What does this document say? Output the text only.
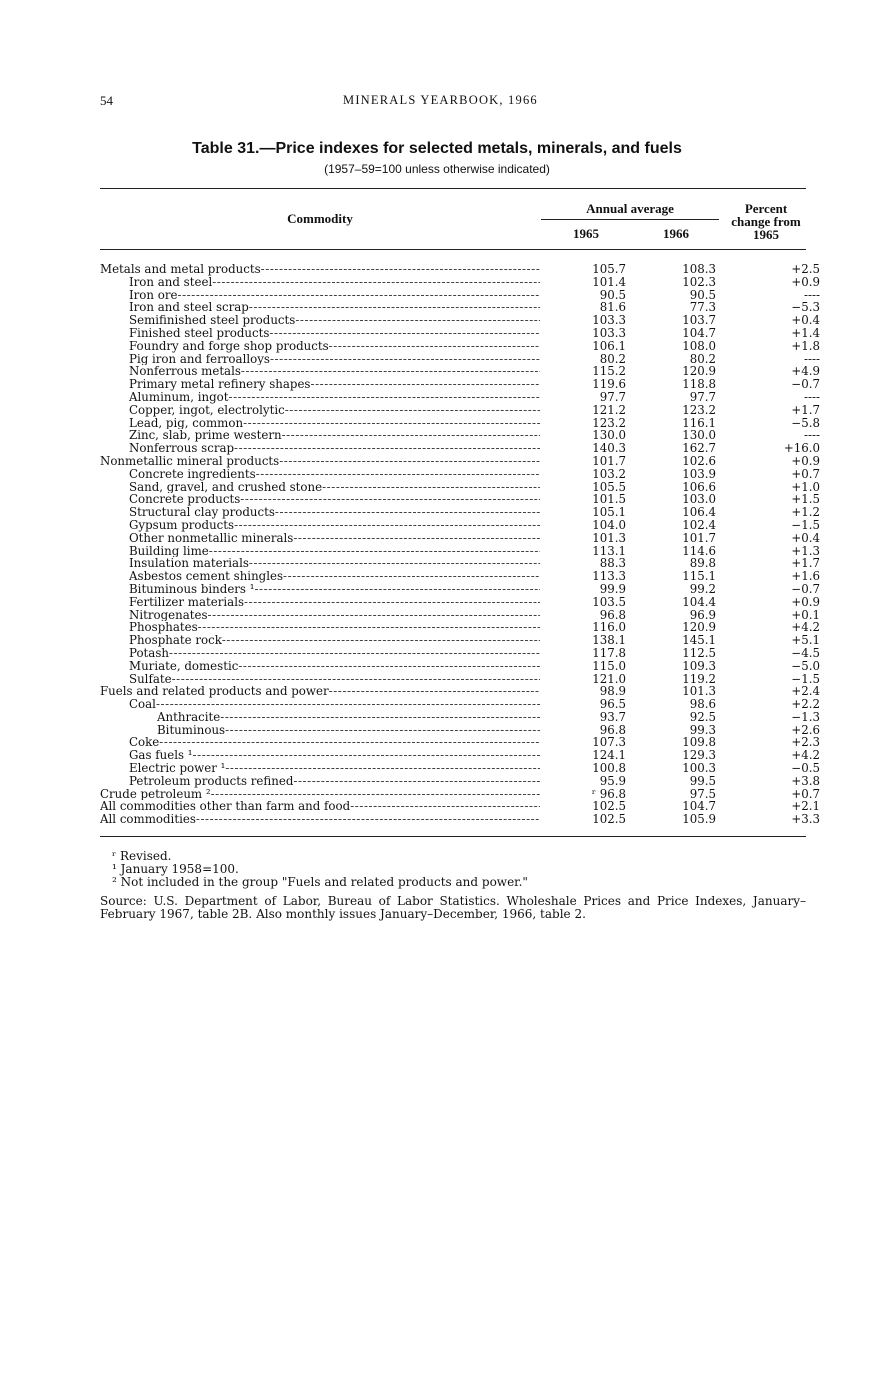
54	MINERALS YEARBOOK, 1966
Table 31.—Price indexes for selected metals, minerals, and fuels
(1957–59=100 unless otherwise indicated)
Commodity
Annual average
1965	1966
Percent
change from
1965
Metals and metal products -----	105.7	108.3	+2.5
Iron and steel -----	101.4	102.3	+0.9
Iron ore -----	90.5	90.5	----
Iron and steel scrap -----	81.6	77.3	−5.3
Semifinished steel products -----	103.3	103.7	+0.4
Finished steel products -----	103.3	104.7	+1.4
Foundry and forge shop products -----	106.1	108.0	+1.8
Pig iron and ferroalloys -----	80.2	80.2	----
Nonferrous metals -----	115.2	120.9	+4.9
Primary metal refinery shapes -----	119.6	118.8	−0.7
Aluminum, ingot -----	97.7	97.7	----
Copper, ingot, electrolytic -----	121.2	123.2	+1.7
Lead, pig, common -----	123.2	116.1	−5.8
Zinc, slab, prime western -----	130.0	130.0	----
Nonferrous scrap -----	140.3	162.7	+16.0
Nonmetallic mineral products -----	101.7	102.6	+0.9
Concrete ingredients -----	103.2	103.9	+0.7
Sand, gravel, and crushed stone -----	105.5	106.6	+1.0
Concrete products -----	101.5	103.0	+1.5
Structural clay products -----	105.1	106.4	+1.2
Gypsum products -----	104.0	102.4	−1.5
Other nonmetallic minerals -----	101.3	101.7	+0.4
Building lime -----	113.1	114.6	+1.3
Insulation materials -----	88.3	89.8	+1.7
Asbestos cement shingles -----	113.3	115.1	+1.6
Bituminous binders ¹ -----	99.9	99.2	−0.7
Fertilizer materials -----	103.5	104.4	+0.9
Nitrogenates -----	96.8	96.9	+0.1
Phosphates -----	116.0	120.9	+4.2
Phosphate rock -----	138.1	145.1	+5.1
Potash -----	117.8	112.5	−4.5
Muriate, domestic -----	115.0	109.3	−5.0
Sulfate -----	121.0	119.2	−1.5
Fuels and related products and power -----	98.9	101.3	+2.4
Coal -----	96.5	98.6	+2.2
Anthracite -----	93.7	92.5	−1.3
Bituminous -----	96.8	99.3	+2.6
Coke -----	107.3	109.8	+2.3
Gas fuels ¹ -----	124.1	129.3	+4.2
Electric power ¹ -----	100.8	100.3	−0.5
Petroleum products refined -----	95.9	99.5	+3.8
Crude petroleum ² -----	ʳ 96.8	97.5	+0.7
All commodities other than farm and food -----	102.5	104.7	+2.1
All commodities -----	102.5	105.9	+3.3
ʳ Revised.
¹ January 1958=100.
² Not included in the group "Fuels and related products and power."
Source: U.S. Department of Labor, Bureau of Labor Statistics. Wholeshale Prices and Price Indexes, January–February 1967, table 2B. Also monthly issues January–December, 1966, table 2.
